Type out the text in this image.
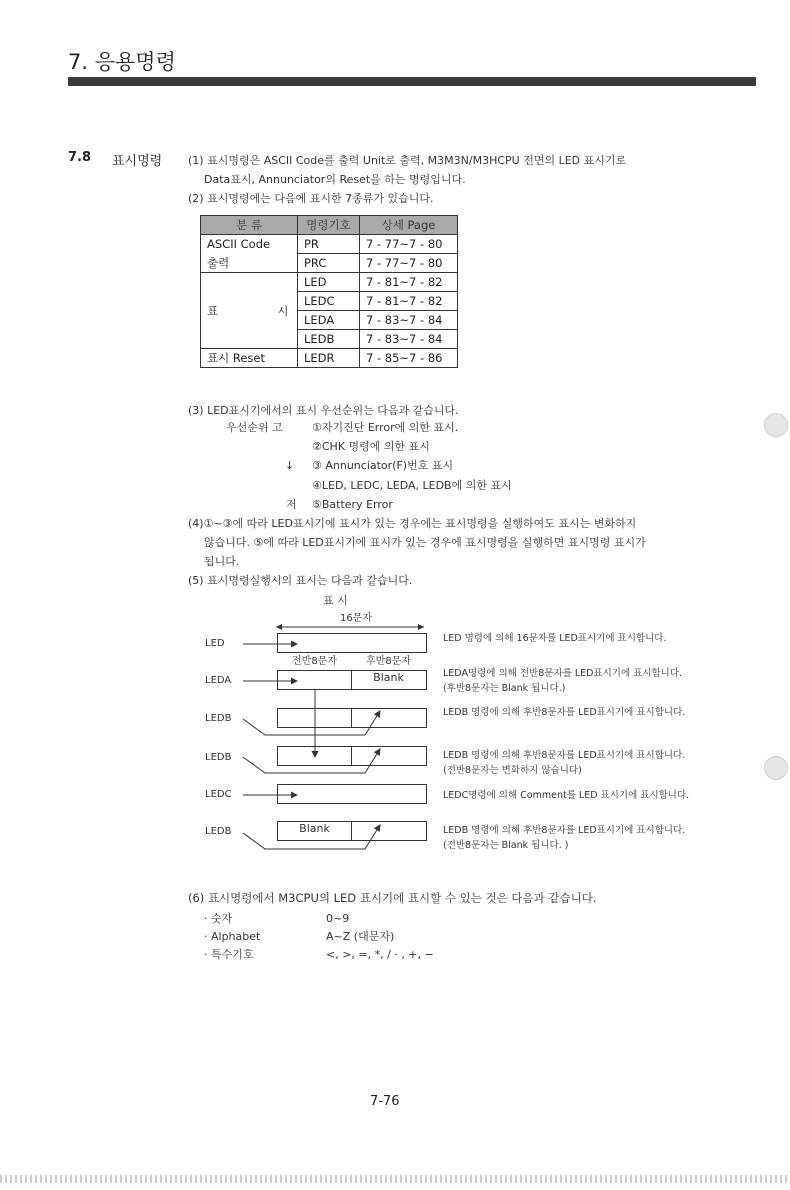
7. 응용명령
7.8 표시명령 (1) 표시명령은 ASCII Code를 출력 Unit로 출력, M3M3N/M3HCPU 전면의 LED 표시기로
Data표시, Annunciator의 Reset을 하는 명령입니다.
(2) 표시명령에는 다음에 표시한 7종류가 있습니다.
분 류	명령기호	상세 Page
ASCII Code	PR	7 - 77~7 - 80
출력	PRC	7 - 77~7 - 80
표 시	LED	7 - 81~7 - 82
	LEDC	7 - 81~7 - 82
	LEDA	7 - 83~7 - 84
	LEDB	7 - 83~7 - 84
표시 Reset	LEDR	7 - 85~7 - 86
(3) LED표시기에서의 표시 우선순위는 다음과 같습니다.
우선순위 고	①자기진단 Error에 의한 표시.
②CHK 명령에 의한 표시
↓ ③ Annunciator(F)번호 표시
④LED, LEDC, LEDA, LEDB에 의한 표시
저 ⑤Battery Error
(4)①~③에 따라 LED표시기에 표시가 있는 경우에는 표시명령을 실행하여도 표시는 변화하지
않습니다. ⑤에 따라 LED표시기에 표시가 있는 경우에 표시명령을 실행하면 표시명령 표시가
됩니다.
(5) 표시명령실행시의 표시는 다음과 같습니다.
표 시
16문자
LED
LEDA
LEDB
LEDB
LEDC
LEDB
전반8문자	후반8문자
Blank
Blank
LED 명령에 의해 16문자를 LED표시기에 표시합니다.
LEDA명령에 의해 전반8문자를 LED표시기에 표시합니다.
(후반8문자는 Blank 됩니다.)
LEDB 명령에 의해 후반8문자를 LED표시기에 표시합니다.
LEDB 명령에 의해 후반8문자를 LED표시기에 표시합니다.
(전반8문자는 변화하지 않습니다)
LEDC명령에 의해 Comment를 LED 표시기에 표시합니다.
LEDB 명령에 의해 후반8문자를 LED표시기에 표시합니다.
(전반8문자는 Blank 됩니다. )
(6) 표시명령에서 M3CPU의 LED 표시기에 표시할 수 있는 것은 다음과 같습니다.
· 숫자	0~9
· Alphabet	A~Z (대문자)
· 특수기호	<, >, =, *, / · , +, −
7-76
